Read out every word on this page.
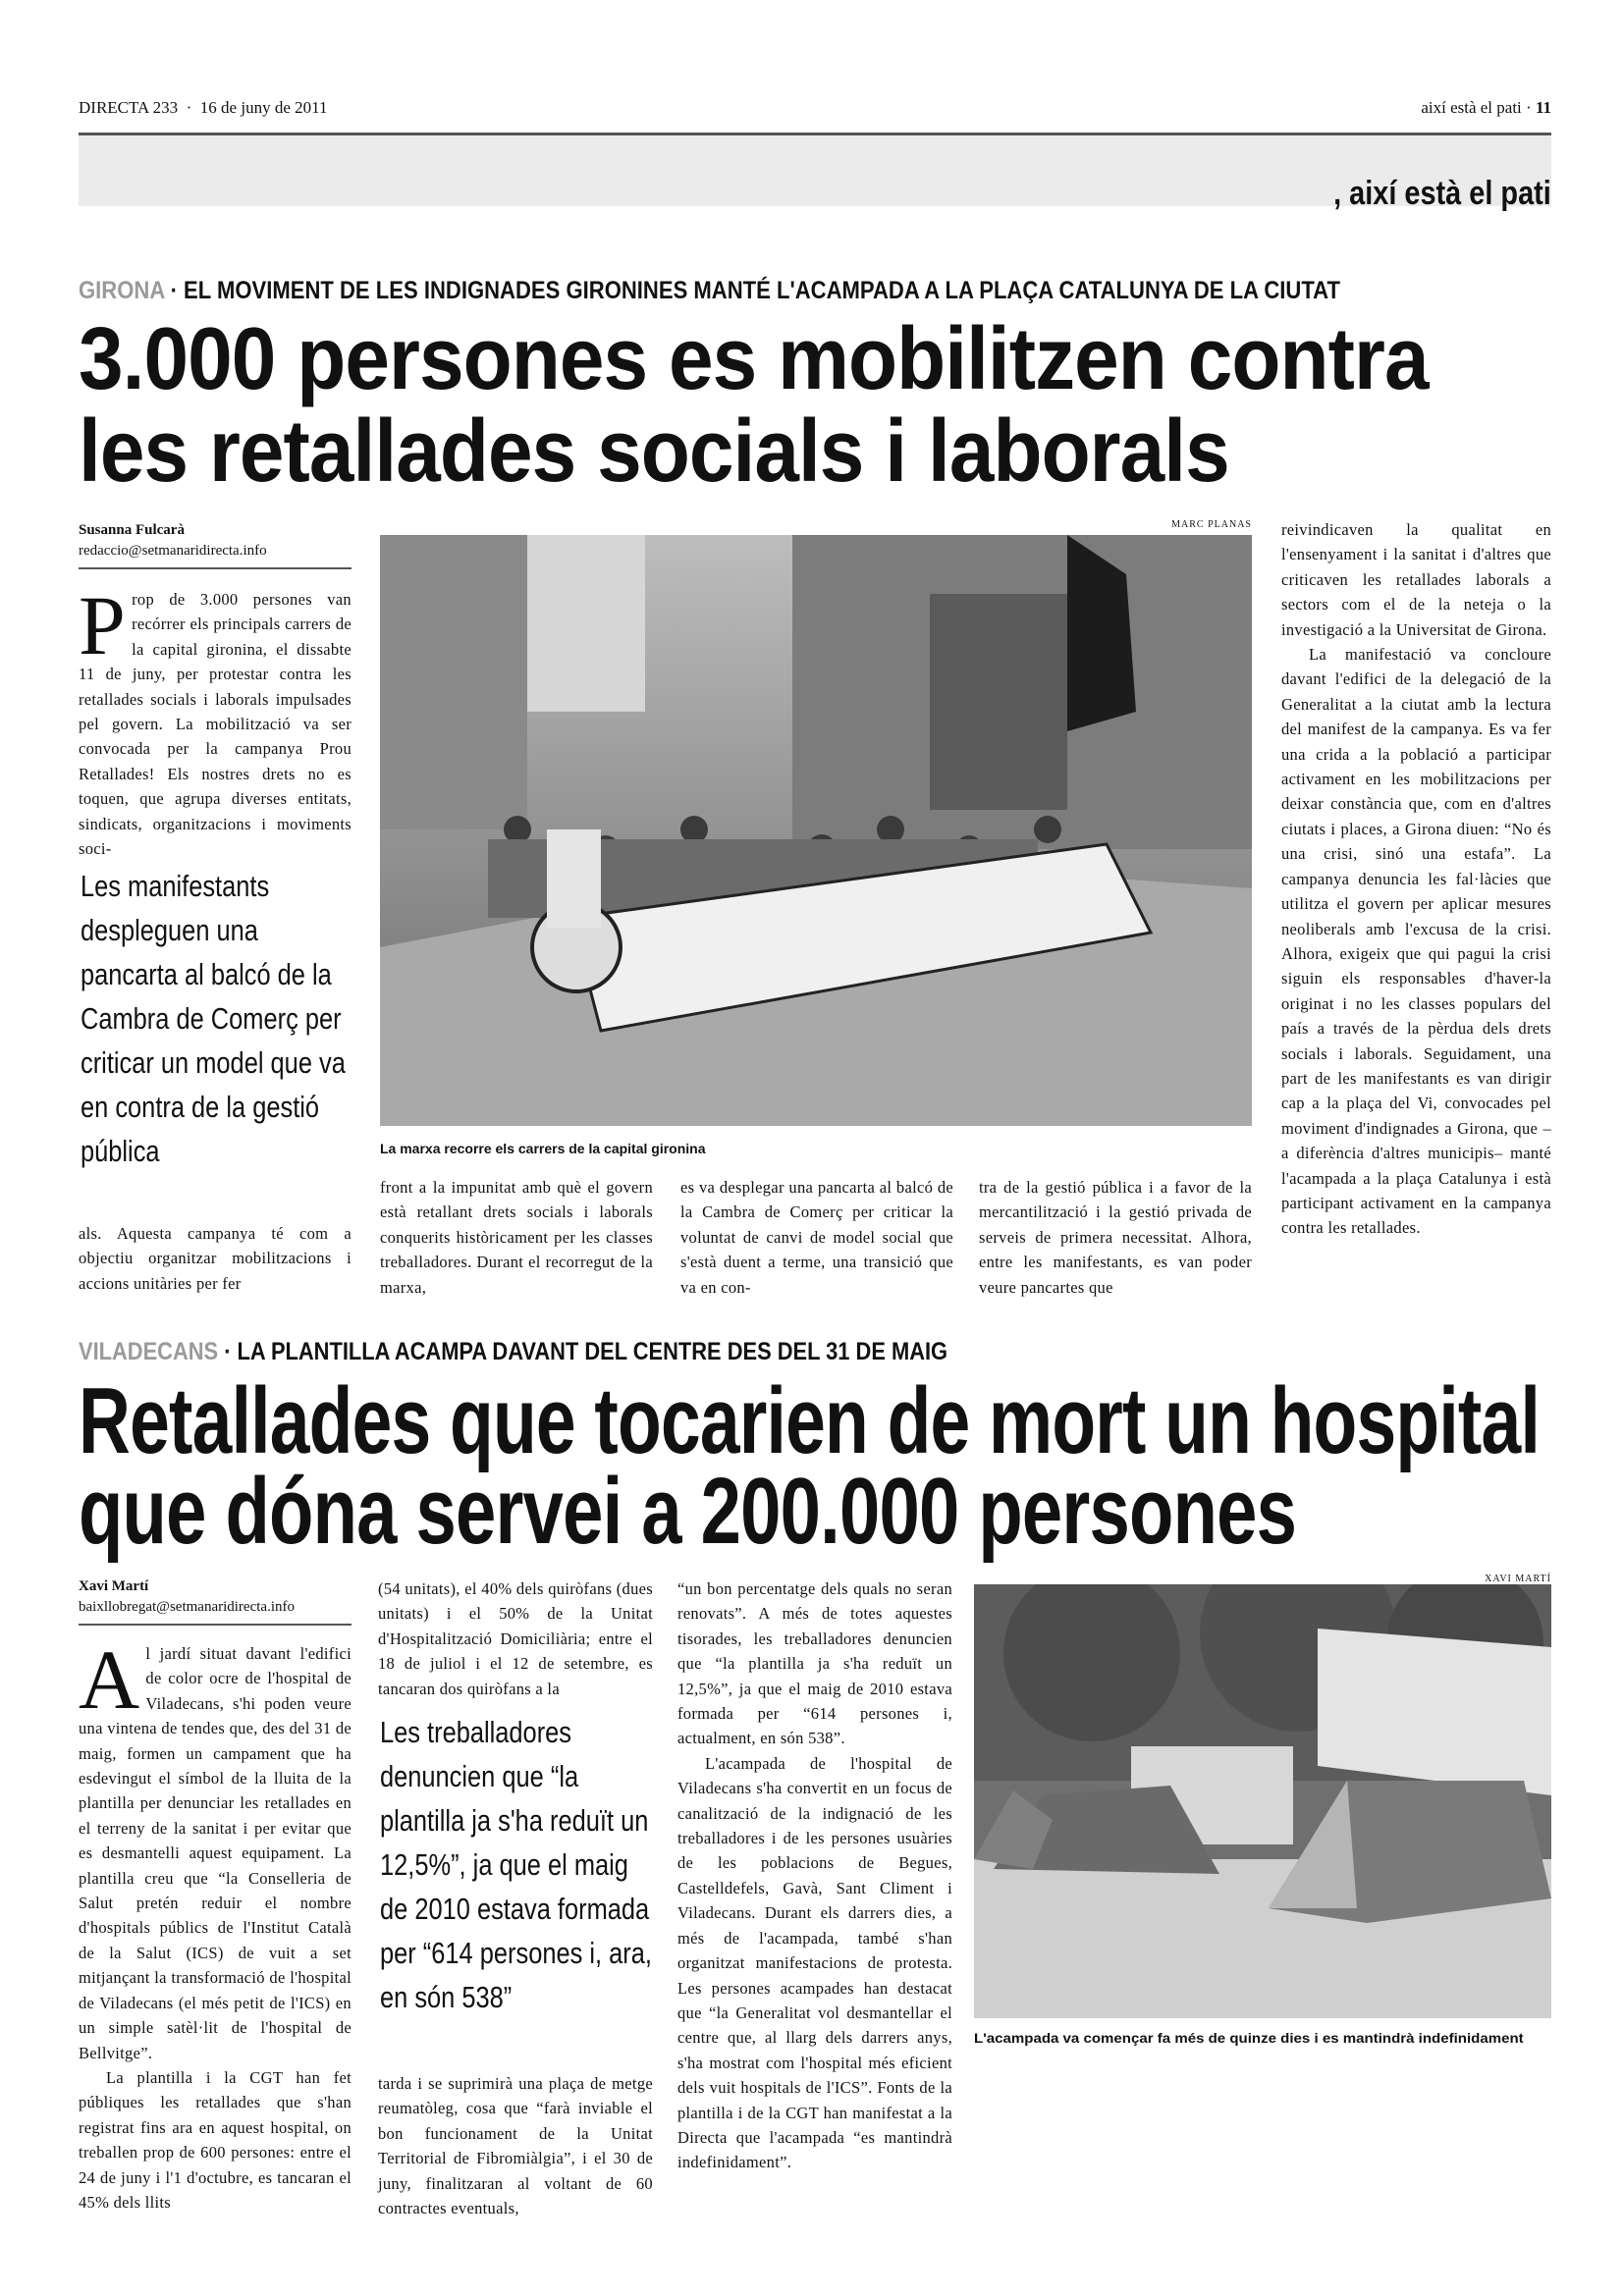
DIRECTA 233 · 16 de juny de 2011	així està el pati · 11
, així està el pati
GIRONA · EL MOVIMENT DE LES INDIGNADES GIRONINES MANTÉ L'ACAMPADA A LA PLAÇA CATALUNYA DE LA CIUTAT
3.000 persones es mobilitzen contra
les retallades socials i laborals
Susanna Fulcarà
redaccio@setmanaridirecta.info
P rop de 3.000 persones van recórrer els principals carrers de la capital gironina, el dissabte 11 de juny, per protestar contra les retallades socials i laborals impulsades pel govern. La mobilització va ser convocada per la campanya Prou Retallades! Els nostres drets no es toquen, que agrupa diverses entitats, sindicats, organitzacions i moviments soci-

Les manifestants despleguen una pancarta al balcó de la Cambra de Comerç per criticar un model que va en contra de la gestió pública

als. Aquesta campanya té com a objectiu organitzar mobilitzacions i accions unitàries per fer

MARC PLANAS
La marxa recorre els carrers de la capital gironina

front a la impunitat amb què el govern està retallant drets socials i laborals conquerits històricament per les classes treballadores. Durant el recorregut de la marxa,

es va desplegar una pancarta al balcó de la Cambra de Comerç per criticar la voluntat de canvi de model social que s'està duent a terme, una transició que va en con-

tra de la gestió pública i a favor de la mercantilització i la gestió privada de serveis de primera necessitat. Alhora, entre les manifestants, es van poder veure pancartes que

reivindicaven la qualitat en l'ensenyament i la sanitat i d'altres que criticaven les retallades laborals a sectors com el de la neteja o la investigació a la Universitat de Girona.

La manifestació va concloure davant l'edifici de la delegació de la Generalitat a la ciutat amb la lectura del manifest de la campanya. Es va fer una crida a la població a participar activament en les mobilitzacions per deixar constància que, com en d'altres ciutats i places, a Girona diuen: “No és una crisi, sinó una estafa”. La campanya denuncia les fal·làcies que utilitza el govern per aplicar mesures neoliberals amb l'excusa de la crisi. Alhora, exigeix que qui pagui la crisi siguin els responsables d'haver-la originat i no les classes populars del país a través de la pèrdua dels drets socials i laborals. Seguidament, una part de les manifestants es van dirigir cap a la plaça del Vi, convocades pel moviment d'indignades a Girona, que –a diferència d'altres municipis– manté l'acampada a la plaça Catalunya i està participant activament en la campanya contra les retallades.

VILADECANS · LA PLANTILLA ACAMPA DAVANT DEL CENTRE DES DEL 31 DE MAIG
Retallades que tocarien de mort un hospital
que dóna servei a 200.000 persones
Xavi Martí
baixllobregat@setmanaridirecta.info
A l jardí situat davant l'edifici de color ocre de l'hospital de Viladecans, s'hi poden veure una vintena de tendes que, des del 31 de maig, formen un campament que ha esdevingut el símbol de la lluita de la plantilla per denunciar les retallades en el terreny de la sanitat i per evitar que es desmantelli aquest equipament. La plantilla creu que “la Conselleria de Salut pretén reduir el nombre d'hospitals públics de l'Institut Català de la Salut (ICS) de vuit a set mitjançant la transformació de l'hospital de Viladecans (el més petit de l'ICS) en un simple satèl·lit de l'hospital de Bellvitge”.

La plantilla i la CGT han fet públiques les retallades que s'han registrat fins ara en aquest hospital, on treballen prop de 600 persones: entre el 24 de juny i l'1 d'octubre, es tancaran el 45% dels llits

(54 unitats), el 40% dels quiròfans (dues unitats) i el 50% de la Unitat d'Hospitalització Domiciliària; entre el 18 de juliol i el 12 de setembre, es tancaran dos quiròfans a la

Les treballadores denuncien que “la plantilla ja s'ha reduït un 12,5%”, ja que el maig de 2010 estava formada per “614 persones i, ara, en són 538”

tarda i se suprimirà una plaça de metge reumatòleg, cosa que “farà inviable el bon funcionament de la Unitat Territorial de Fibromiàlgia”, i el 30 de juny, finalitzaran al voltant de 60 contractes eventuals,

“un bon percentatge dels quals no seran renovats”. A més de totes aquestes tisorades, les treballadores denuncien que “la plantilla ja s'ha reduït un 12,5%”, ja que el maig de 2010 estava formada per “614 persones i, actualment, en són 538”.

L'acampada de l'hospital de Viladecans s'ha convertit en un focus de canalització de la indignació de les treballadores i de les persones usuàries de les poblacions de Begues, Castelldefels, Gavà, Sant Climent i Viladecans. Durant els darrers dies, a més de l'acampada, també s'han organitzat manifestacions de protesta. Les persones acampades han destacat que “la Generalitat vol desmantellar el centre que, al llarg dels darrers anys, s'ha mostrat com l'hospital més eficient dels vuit hospitals de l'ICS”. Fonts de la plantilla i de la CGT han manifestat a la Directa que l'acampada “es mantindrà indefinidament”.

XAVI MARTÍ
L'acampada va començar fa més de quinze dies i es mantindrà indefinidament
